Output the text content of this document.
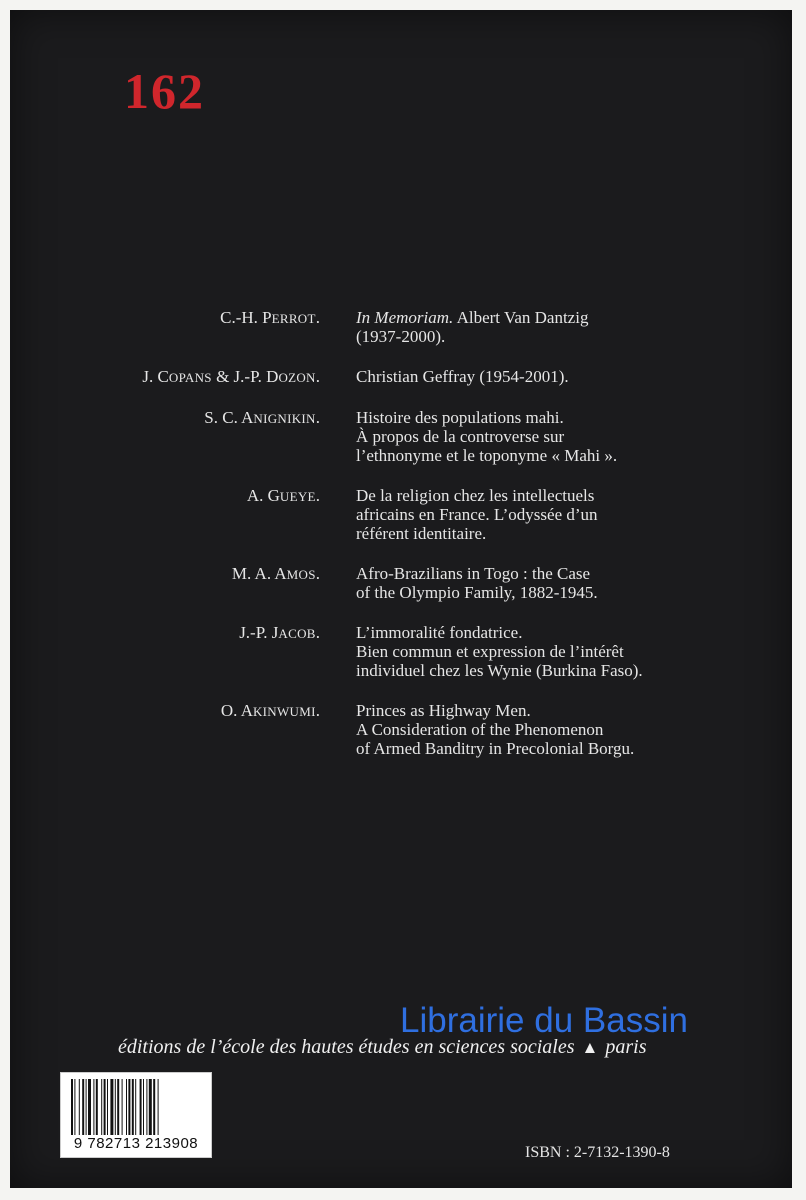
162
C.-H. PERROT.	In Memoriam. Albert Van Dantzig
(1937-2000).
J. COPANS & J.-P. DOZON.	Christian Geffray (1954-2001).
S. C. ANIGNIKIN.	Histoire des populations mahi.
À propos de la controverse sur
l’ethnonyme et le toponyme « Mahi ».
A. GUEYE.	De la religion chez les intellectuels
africains en France. L’odyssée d’un
référent identitaire.
M. A. AMOS.	Afro-Brazilians in Togo : the Case
of the Olympio Family, 1882-1945.
J.-P. JACOB.	L’immoralité fondatrice.
Bien commun et expression de l’intérêt
individuel chez les Wynie (Burkina Faso).
O. AKINWUMI.	Princes as Highway Men.
A Consideration of the Phenomenon
of Armed Banditry in Precolonial Borgu.
Librairie du Bassin
éditions de l’école des hautes études en sciences sociales ▲ paris
9 782713 213908
ISBN : 2-7132-1390-8
